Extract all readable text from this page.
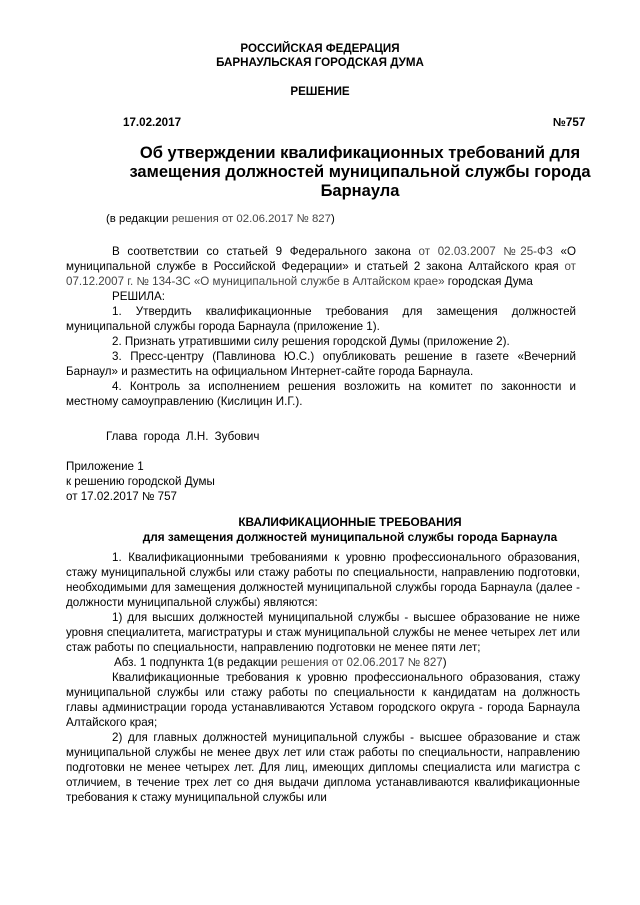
РОССИЙСКАЯ ФЕДЕРАЦИЯ
БАРНАУЛЬСКАЯ ГОРОДСКАЯ ДУМА
РЕШЕНИЕ
17.02.2017	№757
Об утверждении квалификационных требований для
замещения должностей муниципальной службы города
Барнаула
(в редакции решения от 02.06.2017 № 827)

В соответствии со статьей 9 Федерального закона от 02.03.2007 №25-ФЗ «О муниципальной службе в Российской Федерации» и статьей 2 закона Алтайского края от 07.12.2007 г. № 134-ЗС «О муниципальной службе в Алтайском крае» городская Дума

РЕШИЛА:

1. Утвердить квалификационные требования для замещения должностей муниципальной службы города Барнаула (приложение 1).

2. Признать утратившими силу решения городской Думы (приложение 2).

3. Пресс-центру (Павлинова Ю.С.) опубликовать решение в газете «Вечерний Барнаул» и разместить на официальном Интернет-сайте города Барнаула.

4. Контроль за исполнением решения возложить на комитет по законности и местному самоуправлению (Кислицин И.Г.).

Глава города Л.Н. Зубович
Приложение 1
к решению городской Думы
от 17.02.2017 № 757
КВАЛИФИКАЦИОННЫЕ ТРЕБОВАНИЯ
для замещения должностей муниципальной службы города Барнаула

1. Квалификационными требованиями к уровню профессионального образования, стажу муниципальной службы или стажу работы по специальности, направлению подготовки, необходимыми для замещения должностей муниципальной службы города Барнаула (далее - должности муниципальной службы) являются:

1) для высших должностей муниципальной службы - высшее образование не ниже уровня специалитета, магистратуры и стаж муниципальной службы не менее четырех лет или стаж работы по специальности, направлению подготовки не менее пяти лет;

Абз. 1 подпункта 1(в редакции решения от 02.06.2017 № 827)

Квалификационные требования к уровню профессионального образования, стажу муниципальной службы или стажу работы по специальности к кандидатам на должность главы администрации города устанавливаются Уставом городского округа - города Барнаула Алтайского края;

2) для главных должностей муниципальной службы - высшее образование и стаж муниципальной службы не менее двух лет или стаж работы по специальности, направлению подготовки не менее четырех лет. Для лиц, имеющих дипломы специалиста или магистра с отличием, в течение трех лет со дня выдачи диплома устанавливаются квалификационные требования к стажу муниципальной службы или
